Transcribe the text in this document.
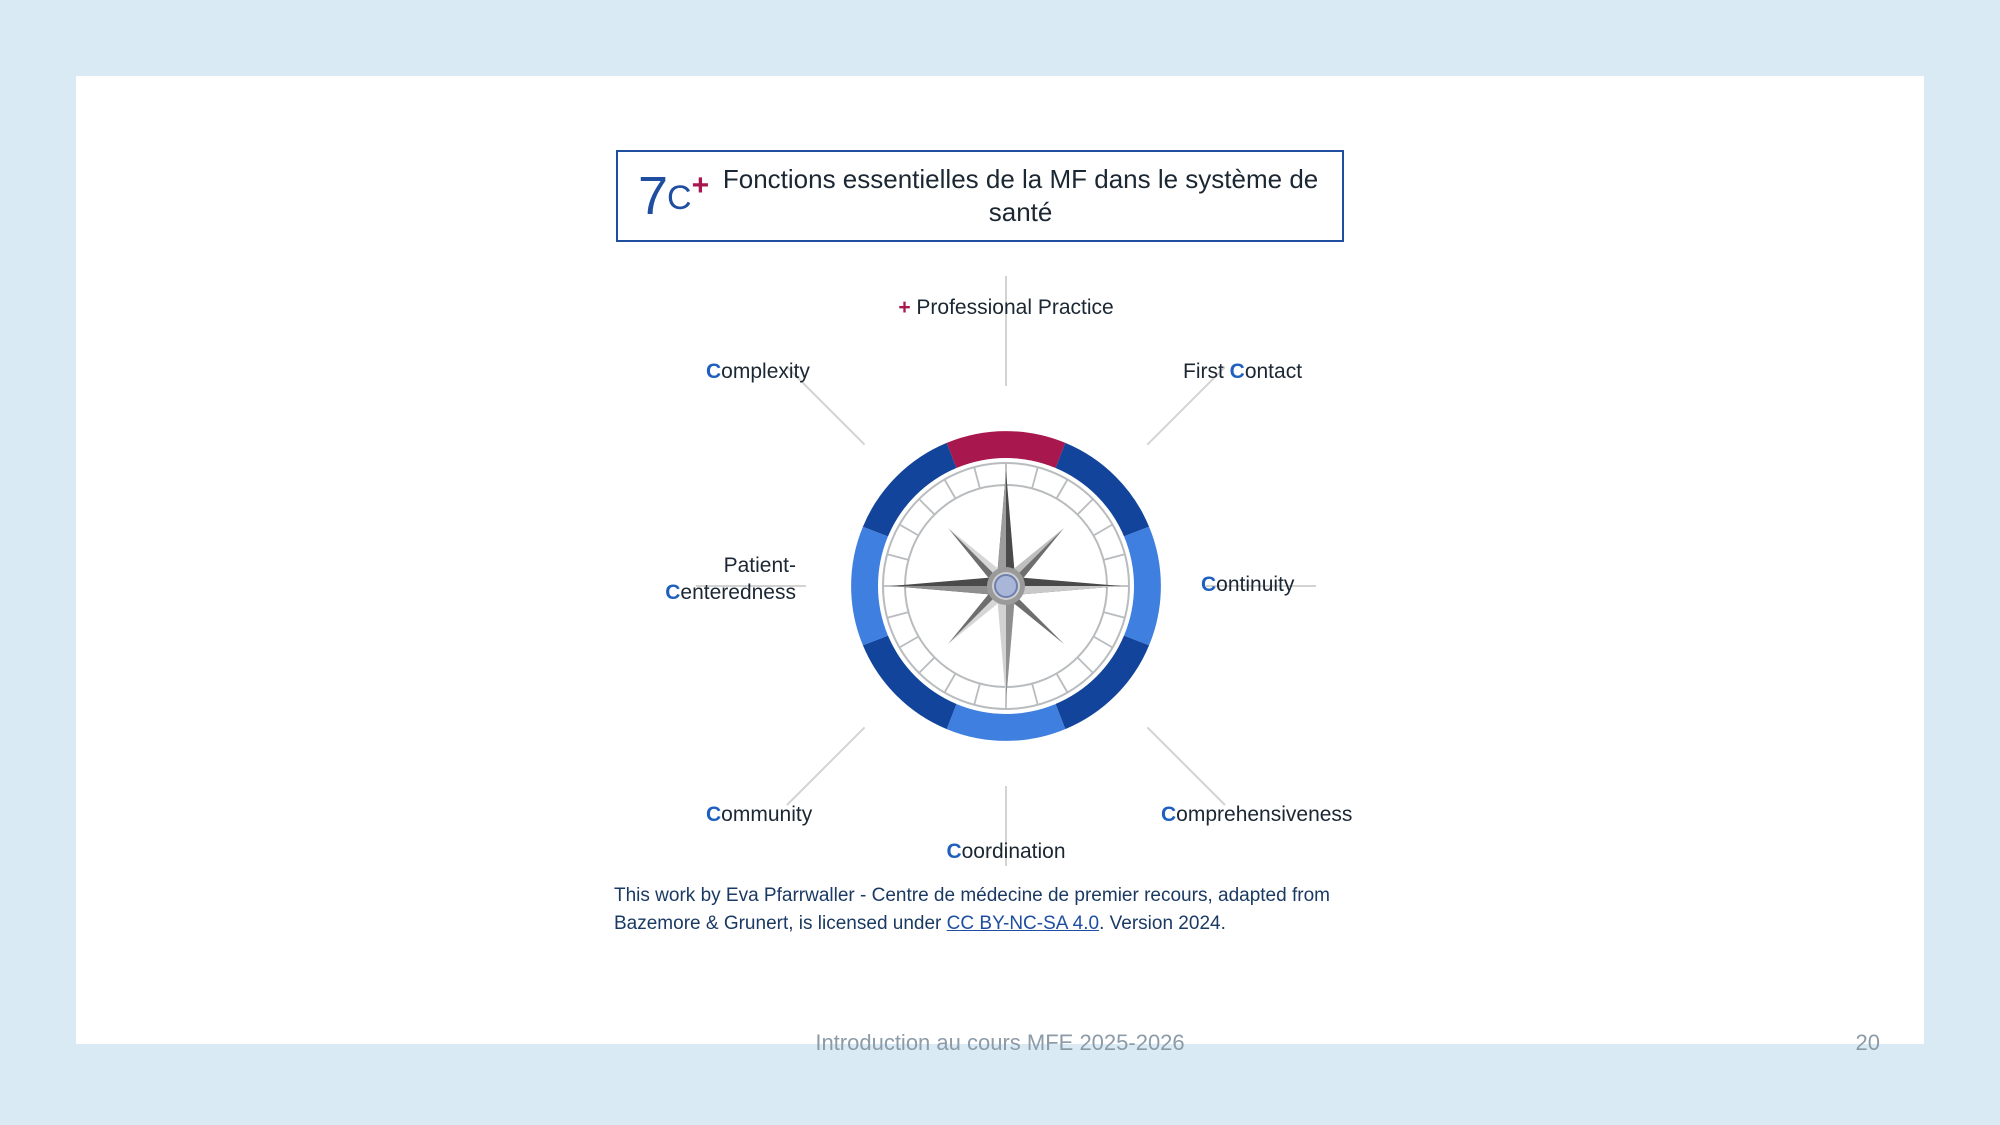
7 C + Fonctions essentielles de la MF dans le système de santé
+ Professional Practice
First Contact
Continuity
Comprehensiveness
Coordination
Community
Patient-
Centeredness
Complexity
This work by Eva Pfarrwaller - Centre de médecine de premier recours, adapted from
Bazemore & Grunert, is licensed under CC BY-NC-SA 4.0. Version 2024.
Introduction au cours MFE 2025-2026	20
